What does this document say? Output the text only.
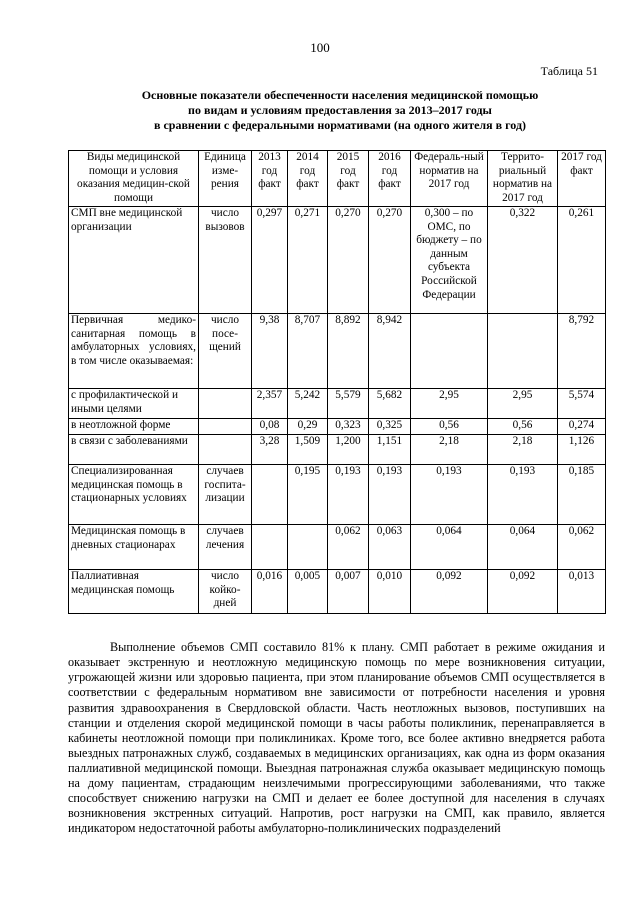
100
Таблица 51
Основные показатели обеспеченности населения медицинской помощью
по видам и условиям предоставления за 2013–2017 годы
в сравнении с федеральными нормативами (на одного жителя в год)
Виды медицинской помощи и условия оказания медицин-ской помощи	Единица изме-рения	2013 год факт	2014 год факт	2015 год факт	2016 год факт	Федераль-ный норматив на 2017 год	Террито-риальный норматив на 2017 год	2017 год факт
СМП вне медицинской организации	число вызовов	0,297	0,271	0,270	0,270	0,300 – по ОМС, по бюджету – по данным субъекта Российской Федерации	0,322	0,261
Первичная медико-санитарная помощь в амбулаторных условиях, в том числе оказываемая:	число посе-щений	9,38	8,707	8,892	8,942			8,792
с профилактической и иными целями		2,357	5,242	5,579	5,682	2,95	2,95	5,574
в неотложной форме		0,08	0,29	0,323	0,325	0,56	0,56	0,274
в связи с заболеваниями		3,28	1,509	1,200	1,151	2,18	2,18	1,126
Специализированная медицинская помощь в стационарных условиях	случаев госпита-лизации		0,195	0,193	0,193	0,193	0,193	0,185
Медицинская помощь в дневных стационарах	случаев лечения			0,062	0,063	0,064	0,064	0,062
Паллиативная медицинская помощь	число койко-дней	0,016	0,005	0,007	0,010	0,092	0,092	0,013

Выполнение объемов СМП составило 81% к плану. СМП работает в режиме ожидания и оказывает экстренную и неотложную медицинскую помощь по мере возникновения ситуации, угрожающей жизни или здоровью пациента, при этом планирование объемов СМП осуществляется в соответствии с федеральным нормативом вне зависимости от потребности населения и уровня развития здравоохранения в Свердловской области. Часть неотложных вызовов, поступивших на станции и отделения скорой медицинской помощи в часы работы поликлиник, перенаправляется в кабинеты неотложной помощи при поликлиниках. Кроме того, все более активно внедряется работа выездных патронажных служб, создаваемых в медицинских организациях, как одна из форм оказания паллиативной медицинской помощи. Выездная патронажная служба оказывает медицинскую помощь на дому пациентам, страдающим неизлечимыми прогрессирующими заболеваниями, что также способствует снижению нагрузки на СМП и делает ее более доступной для населения в случаях возникновения экстренных ситуаций. Напротив, рост нагрузки на СМП, как правило, является индикатором недостаточной работы амбулаторно-поликлинических подразделений
